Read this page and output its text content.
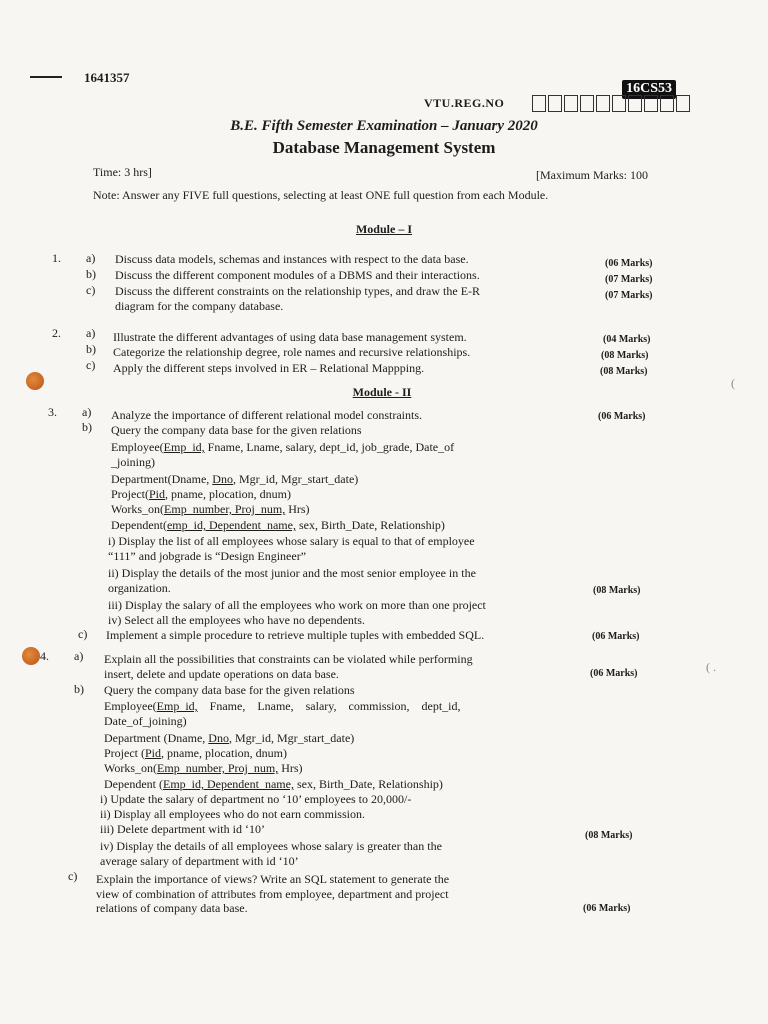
1641357
16CS53
VTU.REG.NO
B.E. Fifth Semester Examination – January 2020
Database Management System
Time: 3 hrs]	[Maximum Marks: 100
Note: Answer any FIVE full questions, selecting at least ONE full question from each Module.
Module – I
1. a) Discuss data models, schemas and instances with respect to the data base.	(06 Marks)
b) Discuss the different component modules of a DBMS and their interactions.	(07 Marks)
c) Discuss the different constraints on the relationship types, and draw the E-R
diagram for the company database.
(07 Marks)
2. a) Illustrate the different advantages of using data base management system.	(04 Marks)
b) Categorize the relationship degree, role names and recursive relationships.	(08 Marks)
c) Apply the different steps involved in ER – Relational Mappping.	(08 Marks)
Module - II
3. a) Analyze the importance of different relational model constraints.	(06 Marks)
b) Query the company data base for the given relations
Employee(Emp_id, Fname, Lname, salary, dept_id, job_grade, Date_of
_joining)
Department(Dname, Dno, Mgr_id, Mgr_start_date)
Project(Pid, pname, plocation, dnum)
Works_on(Emp_number, Proj_num, Hrs)
Dependent(emp_id, Dependent_name, sex, Birth_Date, Relationship)
i) Display the list of all employees whose salary is equal to that of employee
“111” and jobgrade is “Design Engineer”
ii) Display the details of the most junior and the most senior employee in the
organization.	(08 Marks)
iii) Display the salary of all the employees who work on more than one project
iv) Select all the employees who have no dependents.
c) Implement a simple procedure to retrieve multiple tuples with embedded SQL.	(06 Marks)
4. a) Explain all the possibilities that constraints can be violated while performing
insert, delete and update operations on data base.	(06 Marks)
b) Query the company data base for the given relations
Employee(Emp_id,    Fname,    Lname,    salary,    commission,    dept_id,
Date_of_joining)
Department (Dname, Dno, Mgr_id, Mgr_start_date)
Project (Pid, pname, plocation, dnum)
Works_on(Emp_number, Proj_num, Hrs)
Dependent (Emp_id, Dependent_name, sex, Birth_Date, Relationship)
i) Update the salary of department no ‘10’ employees to 20,000/-
ii) Display all employees who do not earn commission.
iii) Delete department with id ‘10’	(08 Marks)
iv) Display the details of all employees whose salary is greater than the
average salary of department with id ‘10’
c) Explain the importance of views? Write an SQL statement to generate the
view of combination of attributes from employee, department and project
relations of company data base.	(06 Marks)
(
( .
